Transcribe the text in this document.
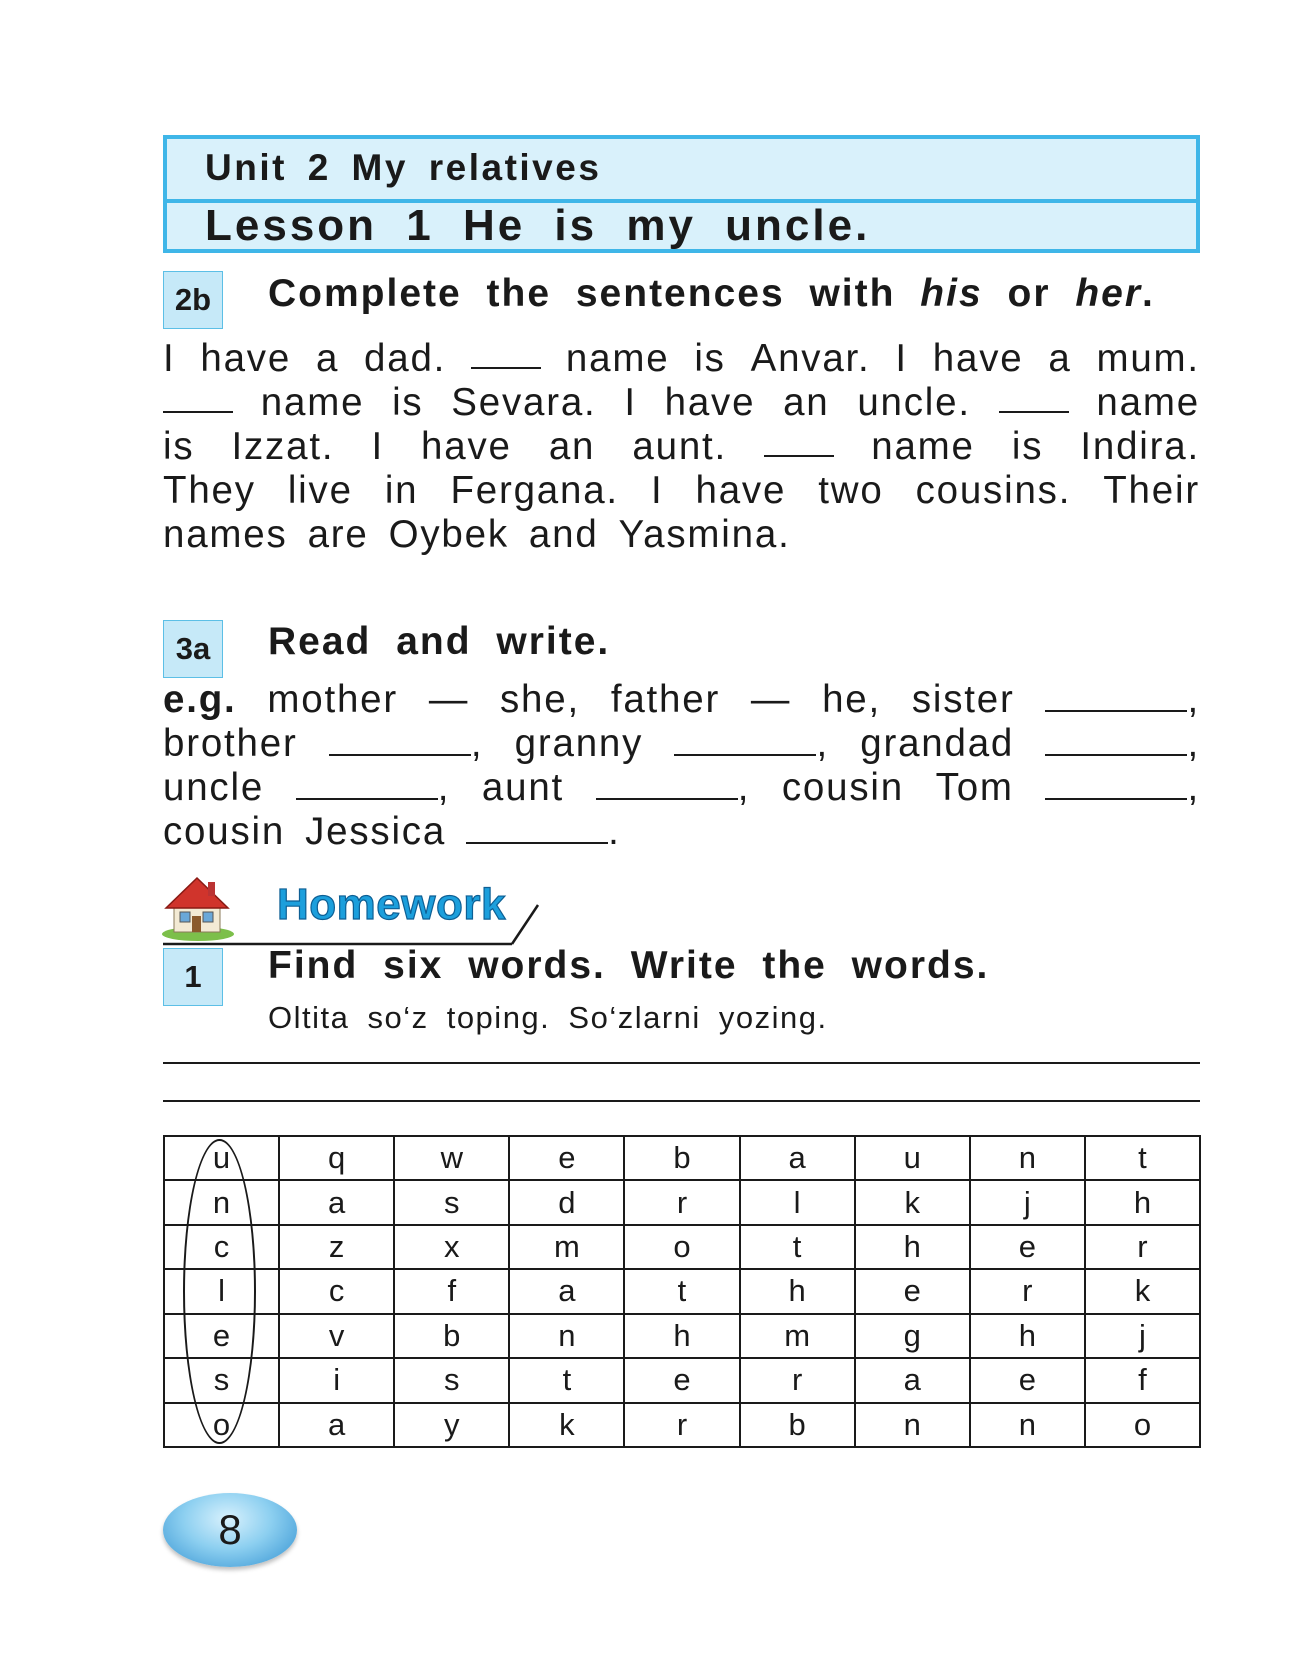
Unit 2 My relatives
Lesson 1 He is my uncle.
2b	Complete the sentences with his or her.
I have a dad.	name is Anvar. I have a mum.
name is Sevara. I have an uncle.	name
is Izzat. I have an aunt.	name is Indira.
They live in Fergana. I have two cousins. Their
names are Oybek and Yasmina.
3a	Read and write.
e.g. mother — she, father — he, sister	,
brother	, granny	, grandad	,
uncle	, aunt	, cousin Tom	,
cousin Jessica	.
Homework
1	Find six words. Write the words.
Oltita so‘z toping. So‘zlarni yozing.
u	q	w	e	b	a	u	n	t
n	a	s	d	r	l	k	j	h
c	z	x	m	o	t	h	e	r
l	c	f	a	t	h	e	r	k
e	v	b	n	h	m	g	h	j
s	i	s	t	e	r	a	e	f
o	a	y	k	r	b	n	n	o
8
